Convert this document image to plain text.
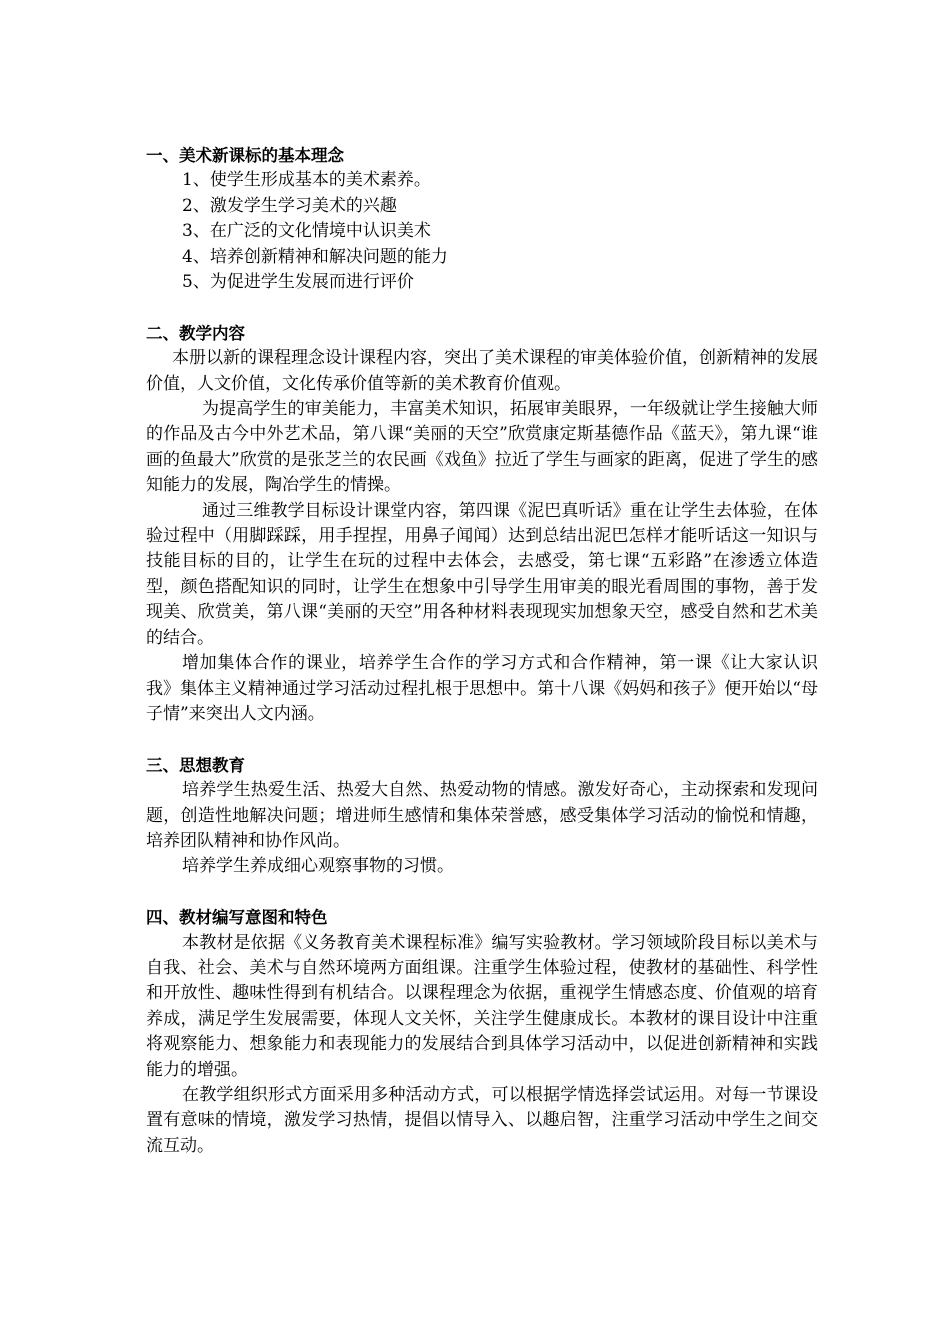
一、美术新课标的基本理念
1、使学生形成基本的美术素养。
2、激发学生学习美术的兴趣
3、在广泛的文化情境中认识美术
4、培养创新精神和解决问题的能力
5、为促进学生发展而进行评价
二、教学内容

本册以新的课程理念设计课程内容，突出了美术课程的审美体验价值，创新精神的发展价值，人文价值，文化传承价值等新的美术教育价值观。

为提高学生的审美能力，丰富美术知识，拓展审美眼界，一年级就让学生接触大师的作品及古今中外艺术品，第八课“美丽的天空”欣赏康定斯基德作品《蓝天》，第九课“谁画的鱼最大”欣赏的是张芝兰的农民画《戏鱼》拉近了学生与画家的距离，促进了学生的感知能力的发展，陶冶学生的情操。

通过三维教学目标设计课堂内容，第四课《泥巴真听话》重在让学生去体验，在体验过程中（用脚踩踩，用手捏捏，用鼻子闻闻）达到总结出泥巴怎样才能听话这一知识与技能目标的目的，让学生在玩的过程中去体会，去感受，第七课“五彩路”在渗透立体造型，颜色搭配知识的同时，让学生在想象中引导学生用审美的眼光看周围的事物，善于发现美、欣赏美，第八课“美丽的天空”用各种材料表现现实加想象天空，感受自然和艺术美的结合。

增加集体合作的课业，培养学生合作的学习方式和合作精神，第一课《让大家认识我》集体主义精神通过学习活动过程扎根于思想中。第十八课《妈妈和孩子》便开始以“母子情”来突出人文内涵。

三、思想教育

培养学生热爱生活、热爱大自然、热爱动物的情感。激发好奇心，主动探索和发现问题，创造性地解决问题；增进师生感情和集体荣誉感，感受集体学习活动的愉悦和情趣，培养团队精神和协作风尚。

培养学生养成细心观察事物的习惯。

四、教材编写意图和特色

本教材是依据《义务教育美术课程标准》编写实验教材。学习领域阶段目标以美术与自我、社会、美术与自然环境两方面组课。注重学生体验过程，使教材的基础性、科学性和开放性、趣味性得到有机结合。以课程理念为依据，重视学生情感态度、价值观的培育养成，满足学生发展需要，体现人文关怀，关注学生健康成长。本教材的课目设计中注重将观察能力、想象能力和表现能力的发展结合到具体学习活动中，以促进创新精神和实践能力的增强。

在教学组织形式方面采用多种活动方式，可以根据学情选择尝试运用。对每一节课设置有意味的情境，激发学习热情，提倡以情导入、以趣启智，注重学习活动中学生之间交流互动。
